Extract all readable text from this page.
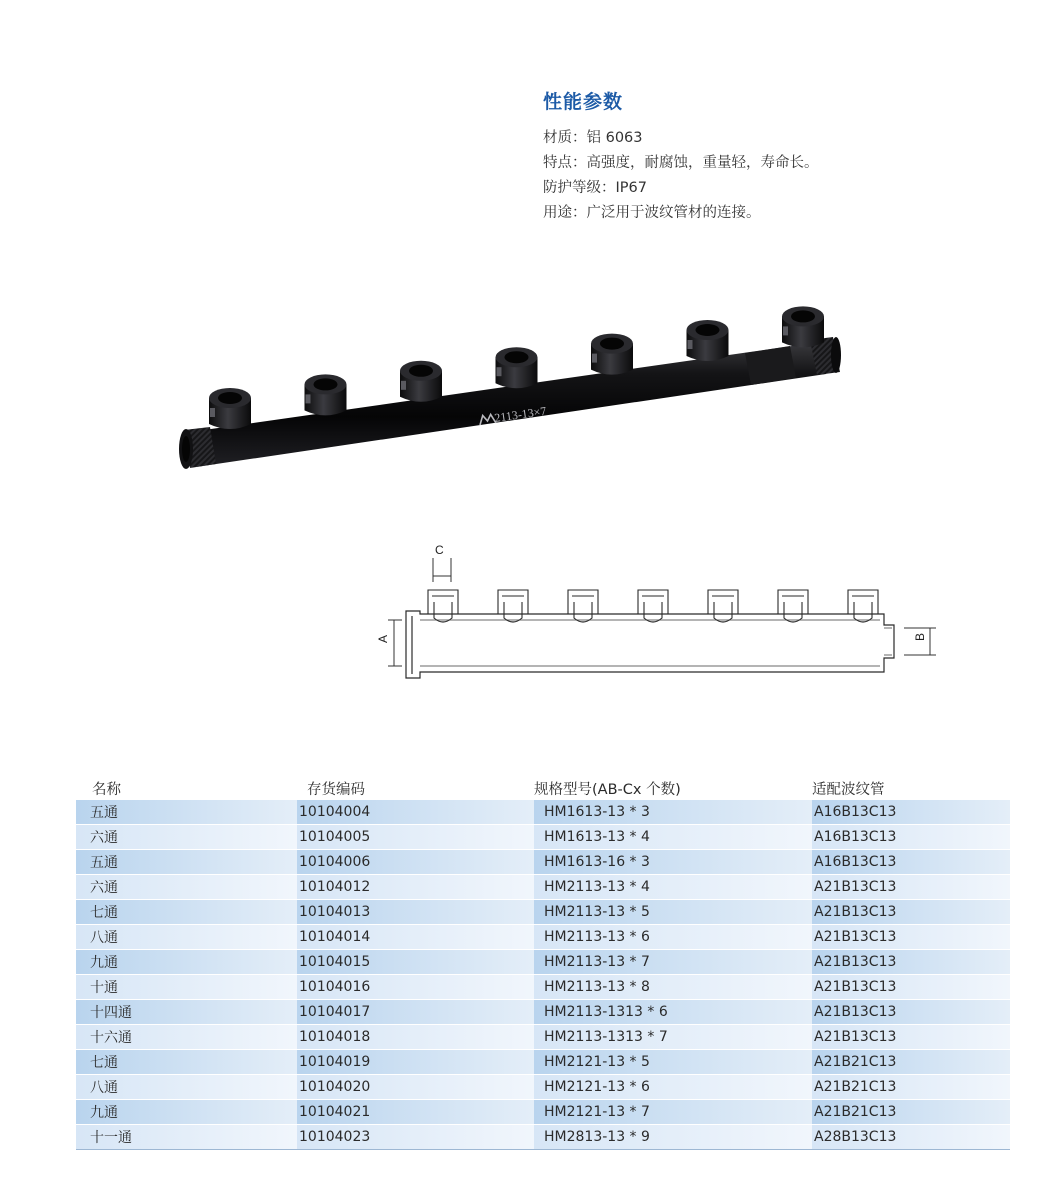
性能参数
材质：铝 6063
特点：高强度，耐腐蚀，重量轻，寿命长。
防护等级：IP67
用途：广泛用于波纹管材的连接。
2113-13×7
C
A	B
名称	存货编码	规格型号(AB-Cx 个数)	适配波纹管
五通	10104004	HM1613-13 * 3	A16B13C13
六通	10104005	HM1613-13 * 4	A16B13C13
五通	10104006	HM1613-16 * 3	A16B13C13
六通	10104012	HM2113-13 * 4	A21B13C13
七通	10104013	HM2113-13 * 5	A21B13C13
八通	10104014	HM2113-13 * 6	A21B13C13
九通	10104015	HM2113-13 * 7	A21B13C13
十通	10104016	HM2113-13 * 8	A21B13C13
十四通	10104017	HM2113-1313 * 6	A21B13C13
十六通	10104018	HM2113-1313 * 7	A21B13C13
七通	10104019	HM2121-13 * 5	A21B21C13
八通	10104020	HM2121-13 * 6	A21B21C13
九通	10104021	HM2121-13 * 7	A21B21C13
十一通	10104023	HM2813-13 * 9	A28B13C13
